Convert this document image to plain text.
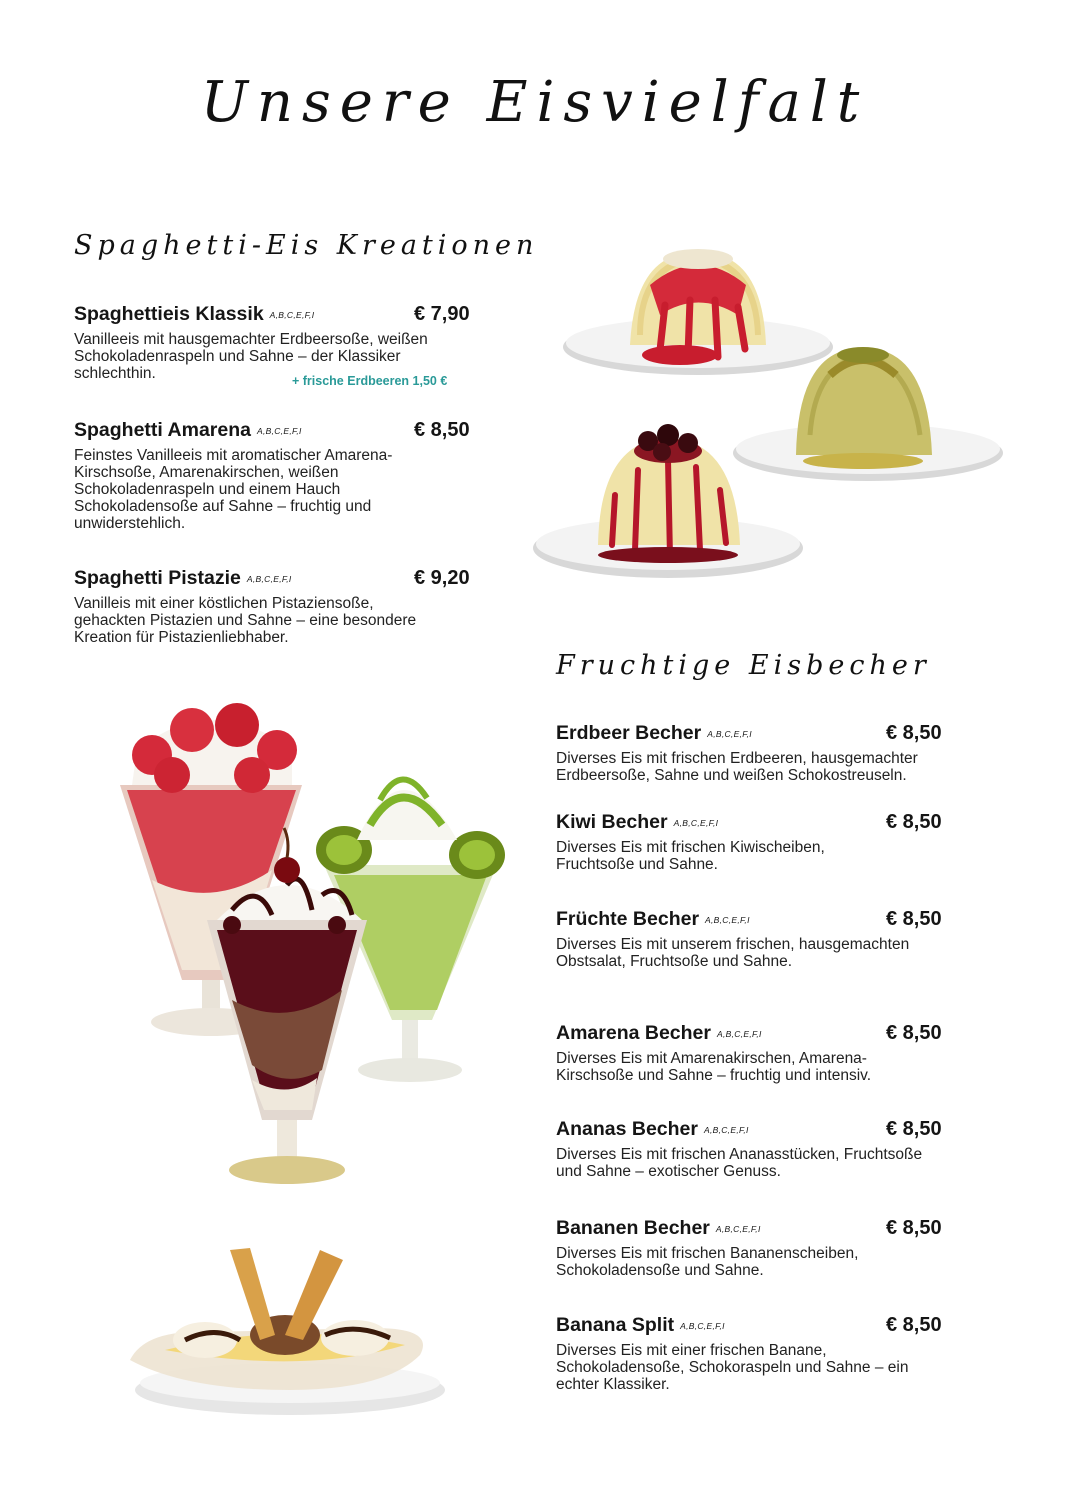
Unsere Eisvielfalt
Spaghetti-Eis Kreationen
Spaghettieis Klassik A,B,C,E,F,I	€ 7,90
Vanilleeis mit hausgemachter Erdbeersoße, weißen Schokoladenraspeln und Sahne – der Klassiker schlechthin.	+ frische Erdbeeren 1,50 €
Spaghetti Amarena A,B,C,E,F,I	€ 8,50
Feinstes Vanilleeis mit aromatischer Amarena-Kirschsoße, Amarenakirschen, weißen Schokoladenraspeln und einem Hauch Schokoladensoße auf Sahne – fruchtig und unwiderstehlich.
Spaghetti Pistazie A,B,C,E,F,I	€ 9,20
Vanilleis mit einer köstlichen Pistaziensoße, gehackten Pistazien und Sahne – eine besondere Kreation für Pistazienliebhaber.
Fruchtige Eisbecher
Erdbeer Becher A,B,C,E,F,I	€ 8,50
Diverses Eis mit frischen Erdbeeren, hausgemachter Erdbeersoße, Sahne und weißen Schokostreuseln.
Kiwi Becher A,B,C,E,F,I	€ 8,50
Diverses Eis mit frischen Kiwischeiben, Fruchtsoße und Sahne.
Früchte Becher A,B,C,E,F,I	€ 8,50
Diverses Eis mit unserem frischen, hausgemachten Obstsalat, Fruchtsoße und Sahne.
Amarena Becher A,B,C,E,F,I	€ 8,50
Diverses Eis mit Amarenakirschen, Amarena-Kirschsoße und Sahne – fruchtig und intensiv.
Ananas Becher A,B,C,E,F,I	€ 8,50
Diverses Eis mit frischen Ananasstücken, Fruchtsoße und Sahne – exotischer Genuss.
Bananen Becher A,B,C,E,F,I	€ 8,50
Diverses Eis mit frischen Bananenscheiben, Schokoladensoße und Sahne.
Banana Split A,B,C,E,F,I	€ 8,50
Diverses Eis mit einer frischen Banane, Schokoladensoße, Schokoraspeln und Sahne – ein echter Klassiker.
